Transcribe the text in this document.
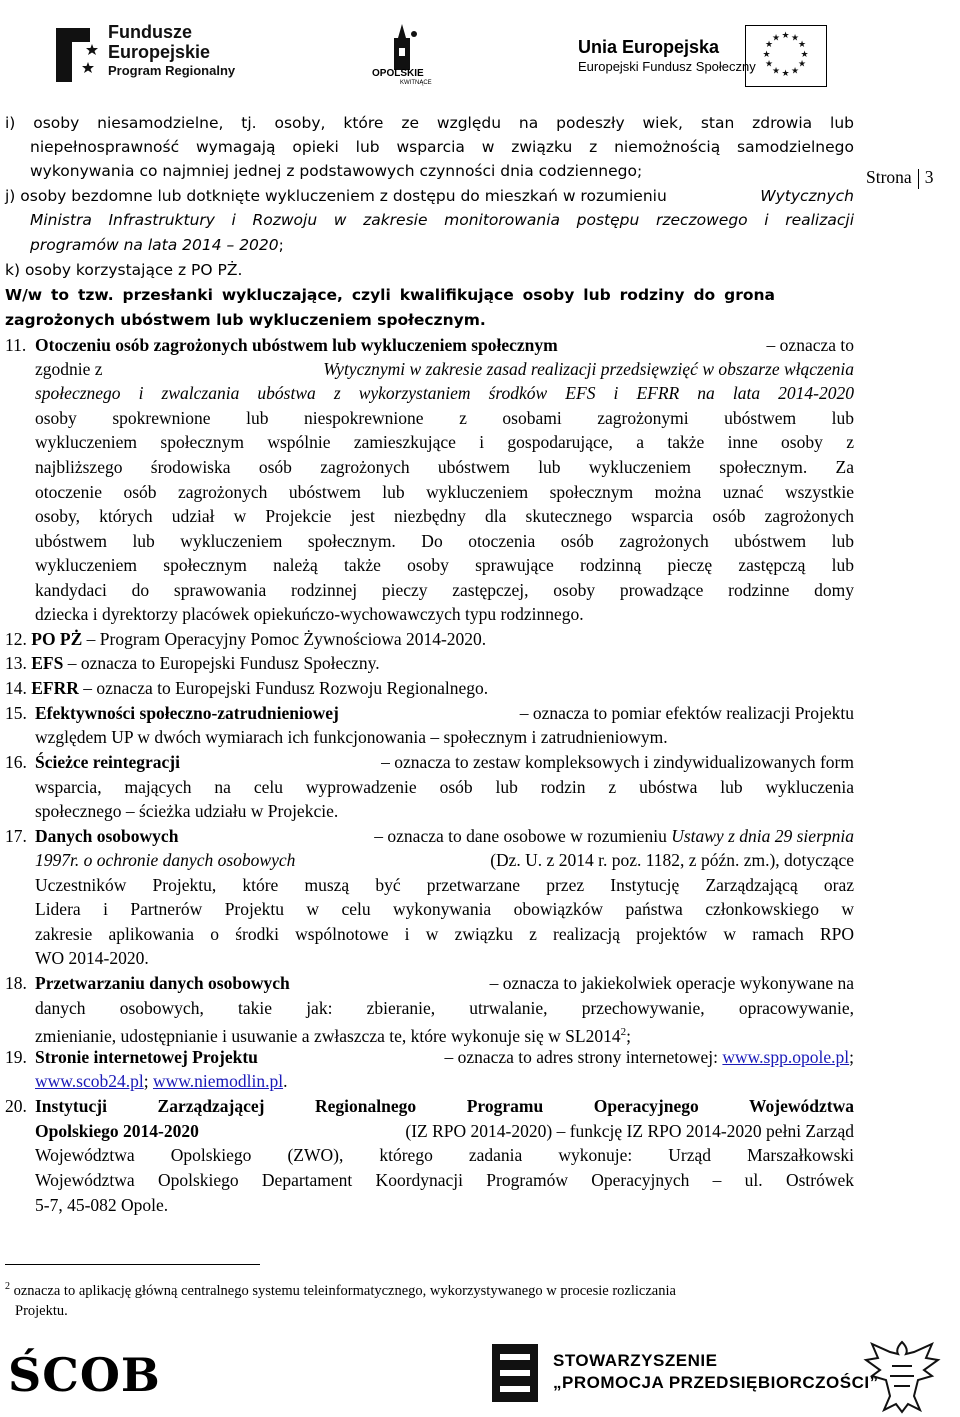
Fundusze
Europejskie
Program Regionalny	OPOLSKIE
KWITNĄCE
Unia Europejska
Europejski Fundusz Społeczny
★ ★
★
★
★
★
★
★
★
★
★
★
Strona 3
i) osoby niesamodzielne, tj. osoby, które ze względu na podeszły wiek, stan zdrowia lub
niepełnosprawność wymagają opieki lub wsparcia w związku z niemożnością samodzielnego
wykonywania co najmniej jednej z podstawowych czynności dnia codziennego;
j) osoby bezdomne lub dotknięte wykluczeniem z dostępu do mieszkań w rozumieniu	Wytycznych
Ministra Infrastruktury i Rozwoju w zakresie monitorowania postępu rzeczowego i realizacji
programów na lata 2014 – 2020;
k) osoby korzystające z PO PŻ.
W/w to tzw. przesłanki wykluczające, czyli kwalifikujące osoby lub rodziny do grona
zagrożonych ubóstwem lub wykluczeniem społecznym.
11. Otoczeniu osób zagrożonych ubóstwem lub wykluczeniem społecznym	– oznacza to
zgodnie z	Wytycznymi w zakresie zasad realizacji przedsięwzięć w obszarze włączenia
społecznego i zwalczania ubóstwa z wykorzystaniem środków EFS i EFRR na lata 2014-2020
osoby spokrewnione lub niespokrewnione z osobami zagrożonymi ubóstwem lub
wykluczeniem społecznym wspólnie zamieszkujące i gospodarujące, a także inne osoby z
najbliższego środowiska osób zagrożonych ubóstwem lub wykluczeniem społecznym. Za
otoczenie osób zagrożonych ubóstwem lub wykluczeniem społecznym można uznać wszystkie
osoby, których udział w Projekcie jest niezbędny dla skutecznego wsparcia osób zagrożonych
ubóstwem lub wykluczeniem społecznym. Do otoczenia osób zagrożonych ubóstwem lub
wykluczeniem społecznym należą także osoby sprawujące rodzinną pieczę zastępczą lub
kandydaci do sprawowania rodzinnej pieczy zastępczej, osoby prowadzące rodzinne domy
dziecka i dyrektorzy placówek opiekuńczo-wychowawczych typu rodzinnego.
12. PO PŻ – Program Operacyjny Pomoc Żywnościowa 2014-2020.
13. EFS – oznacza to Europejski Fundusz Społeczny.
14. EFRR – oznacza to Europejski Fundusz Rozwoju Regionalnego.
15. Efektywności społeczno-zatrudnieniowej	– oznacza to pomiar efektów realizacji Projektu
względem UP w dwóch wymiarach ich funkcjonowania – społecznym i zatrudnieniowym.
16. Ścieżce reintegracji	– oznacza to zestaw kompleksowych i zindywidualizowanych form
wsparcia, mających na celu wyprowadzenie osób lub rodzin z ubóstwa lub wykluczenia
społecznego – ścieżka udziału w Projekcie.
17. Danych osobowych	– oznacza to dane osobowe w rozumieniu Ustawy z dnia 29 sierpnia
1997r. o ochronie danych osobowych	(Dz. U. z 2014 r. poz. 1182, z późn. zm.), dotyczące
Uczestników Projektu, które muszą być przetwarzane przez Instytucję Zarządzającą oraz
Lidera i Partnerów Projektu w celu wykonywania obowiązków państwa członkowskiego w
zakresie aplikowania o środki wspólnotowe i w związku z realizacją projektów w ramach RPO
WO 2014-2020.
18. Przetwarzaniu danych osobowych	– oznacza to jakiekolwiek operacje wykonywane na
danych osobowych, takie jak: zbieranie, utrwalanie, przechowywanie, opracowywanie,
zmienianie, udostępnianie i usuwanie a zwłaszcza te, które wykonuje się w SL2014$^2$;
19. Stronie internetowej Projektu	– oznacza to adres strony internetowej: www.spp.opole.pl;
www.scob24.pl; www.niemodlin.pl.
20. Instytucji Zarządzającej Regionalnego Programu Operacyjnego Województwa
Opolskiego 2014-2020	(IZ RPO 2014-2020) – funkcję IZ RPO 2014-2020 pełni Zarząd
Województwa Opolskiego (ZWO), którego zadania wykonuje: Urząd Marszałkowski
Województwa Opolskiego Departament Koordynacji Programów Operacyjnych – ul. Ostrówek
5-7, 45-082 Opole.
$^2$ oznacza to aplikację główną centralnego systemu teleinformatycznego, wykorzystywanego w procesie rozliczania
Projektu.
ŚCOB	STOWARZYSZENIE
„PROMOCJA PRZEDSIĘBIORCZOŚCI”
